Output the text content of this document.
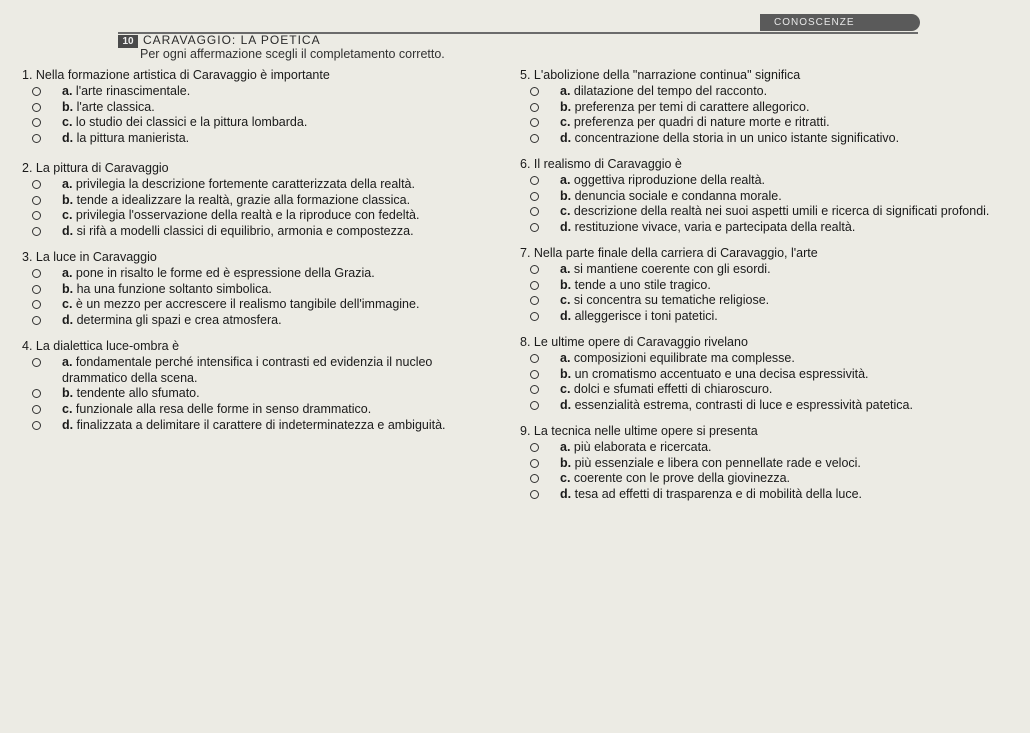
10 CARAVAGGIO: LA POETICA
CONOSCENZE
Per ogni affermazione scegli il completamento corretto.

1. Nella formazione artistica di Caravaggio è importante

a. l'arte rinascimentale.
b. l'arte classica.
c. lo studio dei classici e la pittura lombarda.
d. la pittura manierista.

2. La pittura di Caravaggio

a. privilegia la descrizione fortemente caratterizzata della realtà.
b. tende a idealizzare la realtà, grazie alla formazione classica.
c. privilegia l'osservazione della realtà e la riproduce con fedeltà.
d. si rifà a modelli classici di equilibrio, armonia e compostezza.

3. La luce in Caravaggio

a. pone in risalto le forme ed è espressione della Grazia.
b. ha una funzione soltanto simbolica.
c. è un mezzo per accrescere il realismo tangibile dell'immagine.
d. determina gli spazi e crea atmosfera.

4. La dialettica luce-ombra è

a. fondamentale perché intensifica i contrasti ed evidenzia il nucleo drammatico della scena.
b. tendente allo sfumato.
c. funzionale alla resa delle forme in senso drammatico.
d. finalizzata a delimitare il carattere di indeterminatezza e ambiguità.

5. L'abolizione della "narrazione continua" significa

a. dilatazione del tempo del racconto.
b. preferenza per temi di carattere allegorico.
c. preferenza per quadri di nature morte e ritratti.
d. concentrazione della storia in un unico istante significativo.

6. Il realismo di Caravaggio è

a. oggettiva riproduzione della realtà.
b. denuncia sociale e condanna morale.
c. descrizione della realtà nei suoi aspetti umili e ricerca di significati profondi.
d. restituzione vivace, varia e partecipata della realtà.

7. Nella parte finale della carriera di Caravaggio, l'arte

a. si mantiene coerente con gli esordi.
b. tende a uno stile tragico.
c. si concentra su tematiche religiose.
d. alleggerisce i toni patetici.

8. Le ultime opere di Caravaggio rivelano

a. composizioni equilibrate ma complesse.
b. un cromatismo accentuato e una decisa espressività.
c. dolci e sfumati effetti di chiaroscuro.
d. essenzialità estrema, contrasti di luce e espressività patetica.

9. La tecnica nelle ultime opere si presenta

a. più elaborata e ricercata.
b. più essenziale e libera con pennellate rade e veloci.
c. coerente con le prove della giovinezza.
d. tesa ad effetti di trasparenza e di mobilità della luce.
